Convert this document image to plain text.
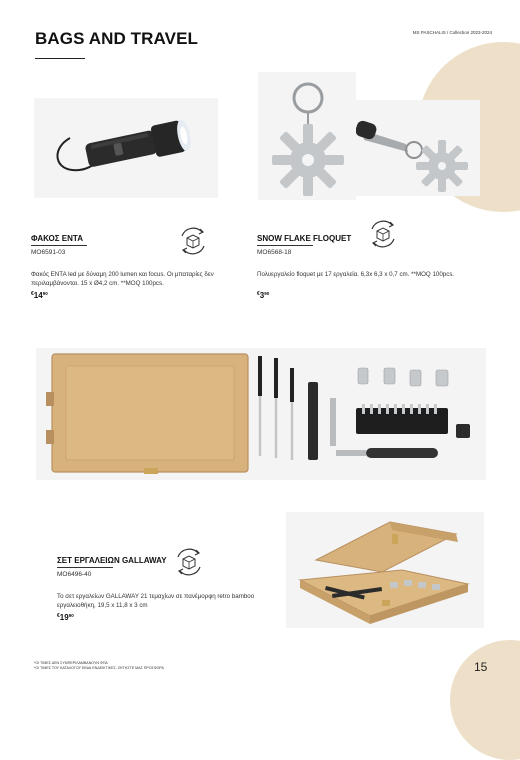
BAGS AND TRAVEL	MS PASCHALIS / Collection 2023-2024
ΦΑΚΟΣ ΕΝΤΑ
MO6591-03
Φακός ENTA led με δύναμη 200 lumen και focus. Οι μπαταρίες δεν περιλαμβάνονται. 15 x Ø4,2 cm. **MOQ 100pcs.
$^€14^{90}$
SNOW FLAKE FLOQUET
MO6568-18
Πολυεργαλείο floquet με 17 εργαλεία. 6,3x 6,3 x 0,7 cm. **MOQ 100pcs.
$^€3^{90}$
ΣΕΤ ΕΡΓΑΛΕΙΩΝ GALLAWAY
MO6496-40
Το σετ εργαλείων GALLAWAY 21 τεμαχίων σε πανέμορφη retro bamboo εργαλειοθήκη, 19,5 x 11,8 x 3 cm
$^€19^{90}$
*ΟΙ ΤΙΜΕΣ ΔΕΝ ΣΥΜΠΕΡΙΛΑΜΒΑΝΟΥΝ ΦΠΑ
*ΟΙ ΤΙΜΕΣ ΤΟΥ ΚΑΤΑΛΟΓΟΥ ΕΙΝΑΙ ΕΝΔΕΙΚΤΙΚΕΣ, ΖΗΤΗΣΤΕ ΜΑΣ ΠΡΟΣΦΟΡΑ	15
